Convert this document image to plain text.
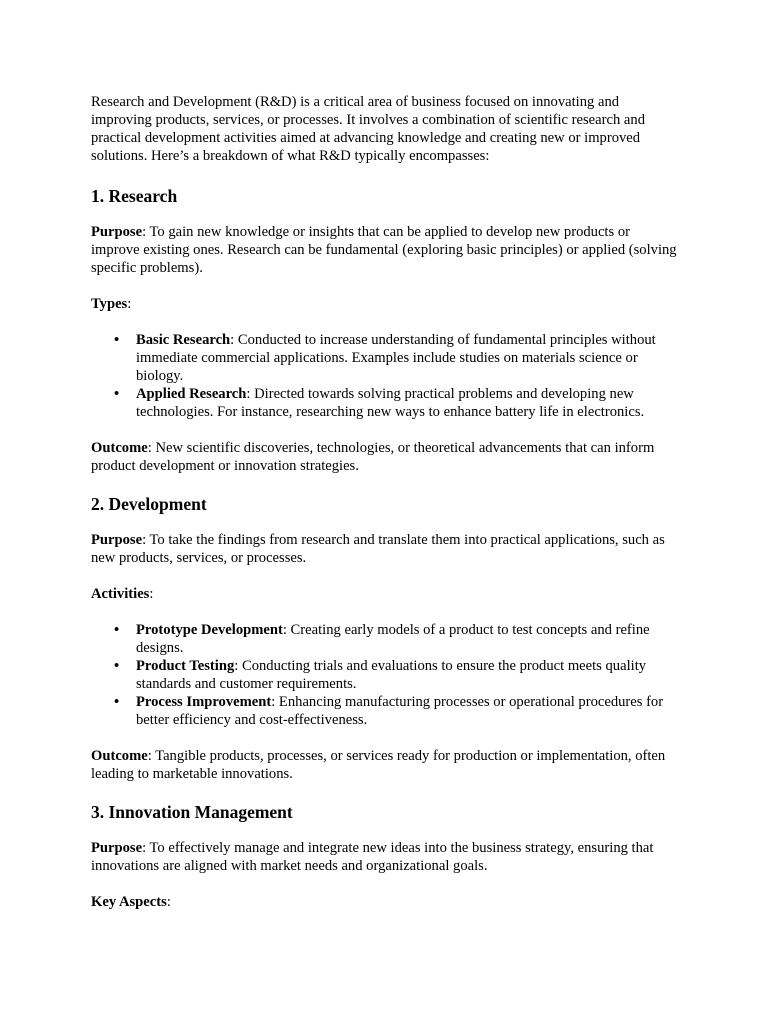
Research and Development (R&D) is a critical area of business focused on innovating and improving products, services, or processes. It involves a combination of scientific research and practical development activities aimed at advancing knowledge and creating new or improved solutions. Here’s a breakdown of what R&D typically encompasses:

1. Research

Purpose: To gain new knowledge or insights that can be applied to develop new products or improve existing ones. Research can be fundamental (exploring basic principles) or applied (solving specific problems).

Types:

• Basic Research: Conducted to increase understanding of fundamental principles without immediate commercial applications. Examples include studies on materials science or biology.
• Applied Research: Directed towards solving practical problems and developing new technologies. For instance, researching new ways to enhance battery life in electronics.

Outcome: New scientific discoveries, technologies, or theoretical advancements that can inform product development or innovation strategies.

2. Development

Purpose: To take the findings from research and translate them into practical applications, such as new products, services, or processes.

Activities:

• Prototype Development: Creating early models of a product to test concepts and refine designs.
• Product Testing: Conducting trials and evaluations to ensure the product meets quality standards and customer requirements.
• Process Improvement: Enhancing manufacturing processes or operational procedures for better efficiency and cost-effectiveness.

Outcome: Tangible products, processes, or services ready for production or implementation, often leading to marketable innovations.

3. Innovation Management

Purpose: To effectively manage and integrate new ideas into the business strategy, ensuring that innovations are aligned with market needs and organizational goals.

Key Aspects:
